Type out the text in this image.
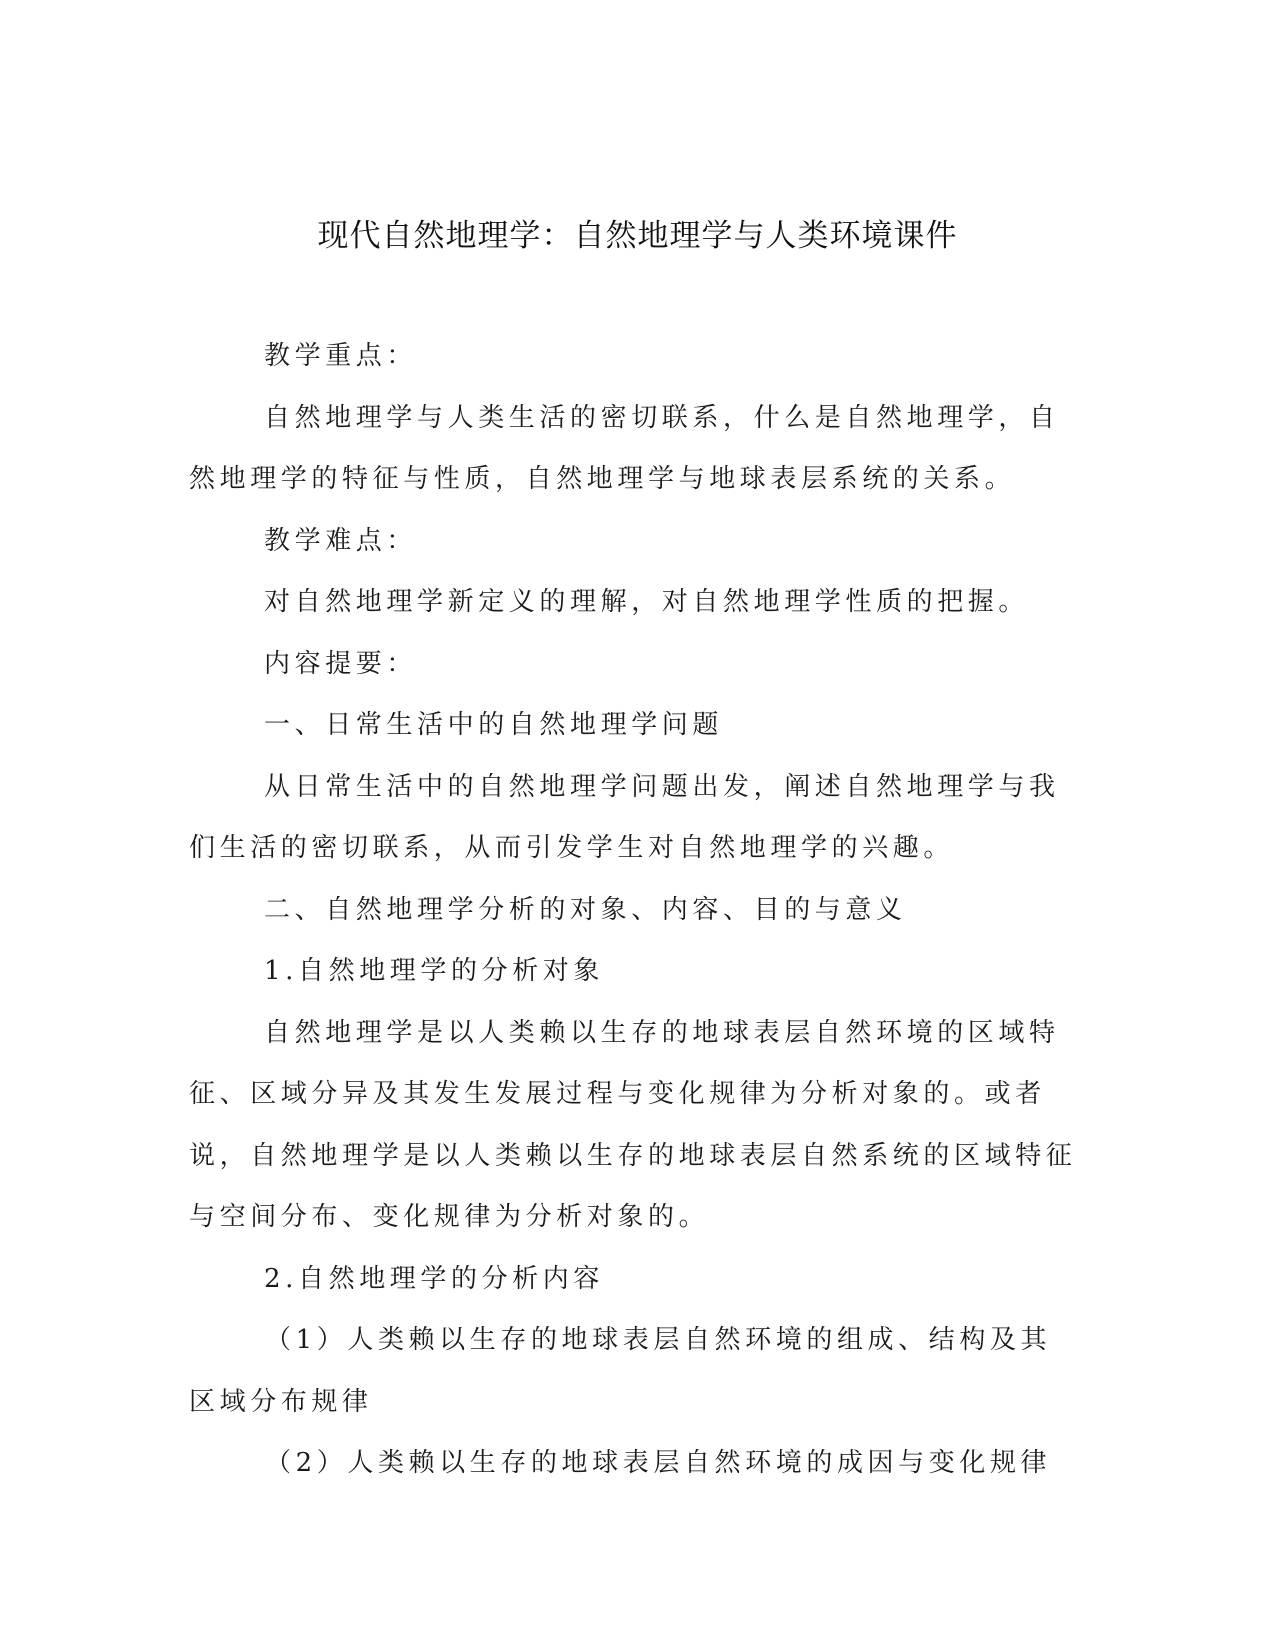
现代自然地理学：自然地理学与人类环境课件

教学重点：

自然地理学与人类生活的密切联系，什么是自然地理学，自然地理学的特征与性质，自然地理学与地球表层系统的关系。

教学难点：

对自然地理学新定义的理解，对自然地理学性质的把握。

内容提要：

一、日常生活中的自然地理学问题

从日常生活中的自然地理学问题出发，阐述自然地理学与我们生活的密切联系，从而引发学生对自然地理学的兴趣。

二、自然地理学分析的对象、内容、目的与意义

1.自然地理学的分析对象

自然地理学是以人类赖以生存的地球表层自然环境的区域特征、区域分异及其发生发展过程与变化规律为分析对象的。或者说，自然地理学是以人类赖以生存的地球表层自然系统的区域特征与空间分布、变化规律为分析对象的。

2.自然地理学的分析内容

（1）人类赖以生存的地球表层自然环境的组成、结构及其区域分布规律

（2）人类赖以生存的地球表层自然环境的成因与变化规律
